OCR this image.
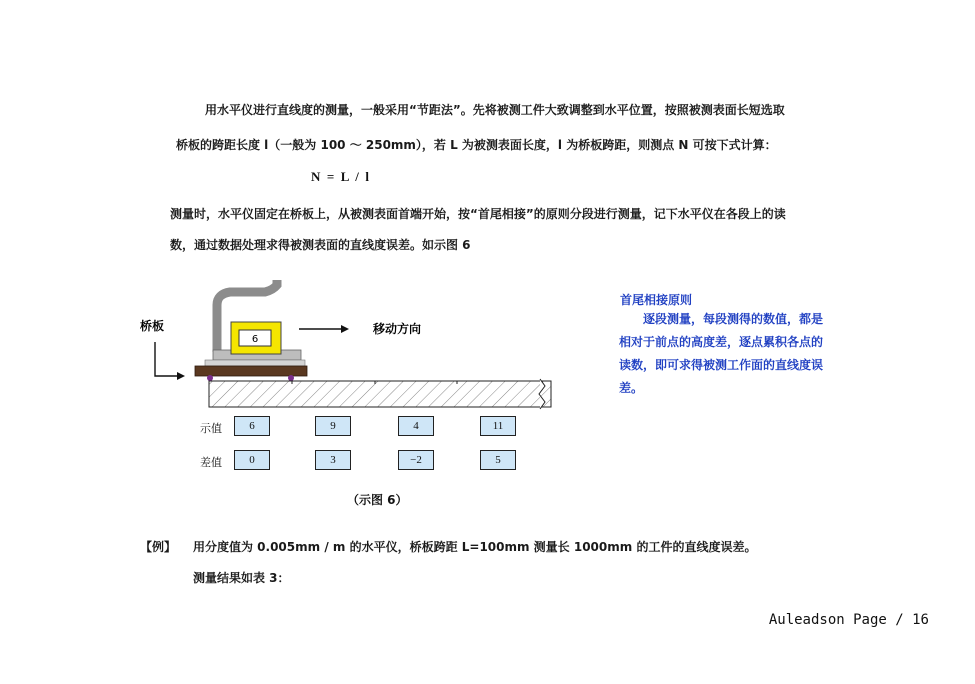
用水平仪进行直线度的测量，一般采用“节距法”。先将被测工件大致调整到水平位置，按照被测表面长短选取
桥板的跨距长度 l（一般为 100 ～ 250mm），若 L 为被测表面长度，l 为桥板跨距，则测点 N 可按下式计算：
N  =  L  /  l
测量时，水平仪固定在桥板上，从被测表面首端开始，按“首尾相接”的原则分段进行测量，记下水平仪在各段上的读
数，通过数据处理求得被测表面的直线度误差。如示图 6
桥板
6
移动方向
示值	6	9	4	11
差值	0	3	−2	5
（示图 6）
首尾相接原则
　　逐段测量，每段测得的数值，都是相对于前点的高度差，逐点累积各点的读数，即可求得被测工作面的直线度误差。
【例】 用分度值为 0.005mm / m 的水平仪，桥板跨距 L=100mm 测量长 1000mm 的工件的直线度误差。
测量结果如表 3：
Auleadson Page / 16
